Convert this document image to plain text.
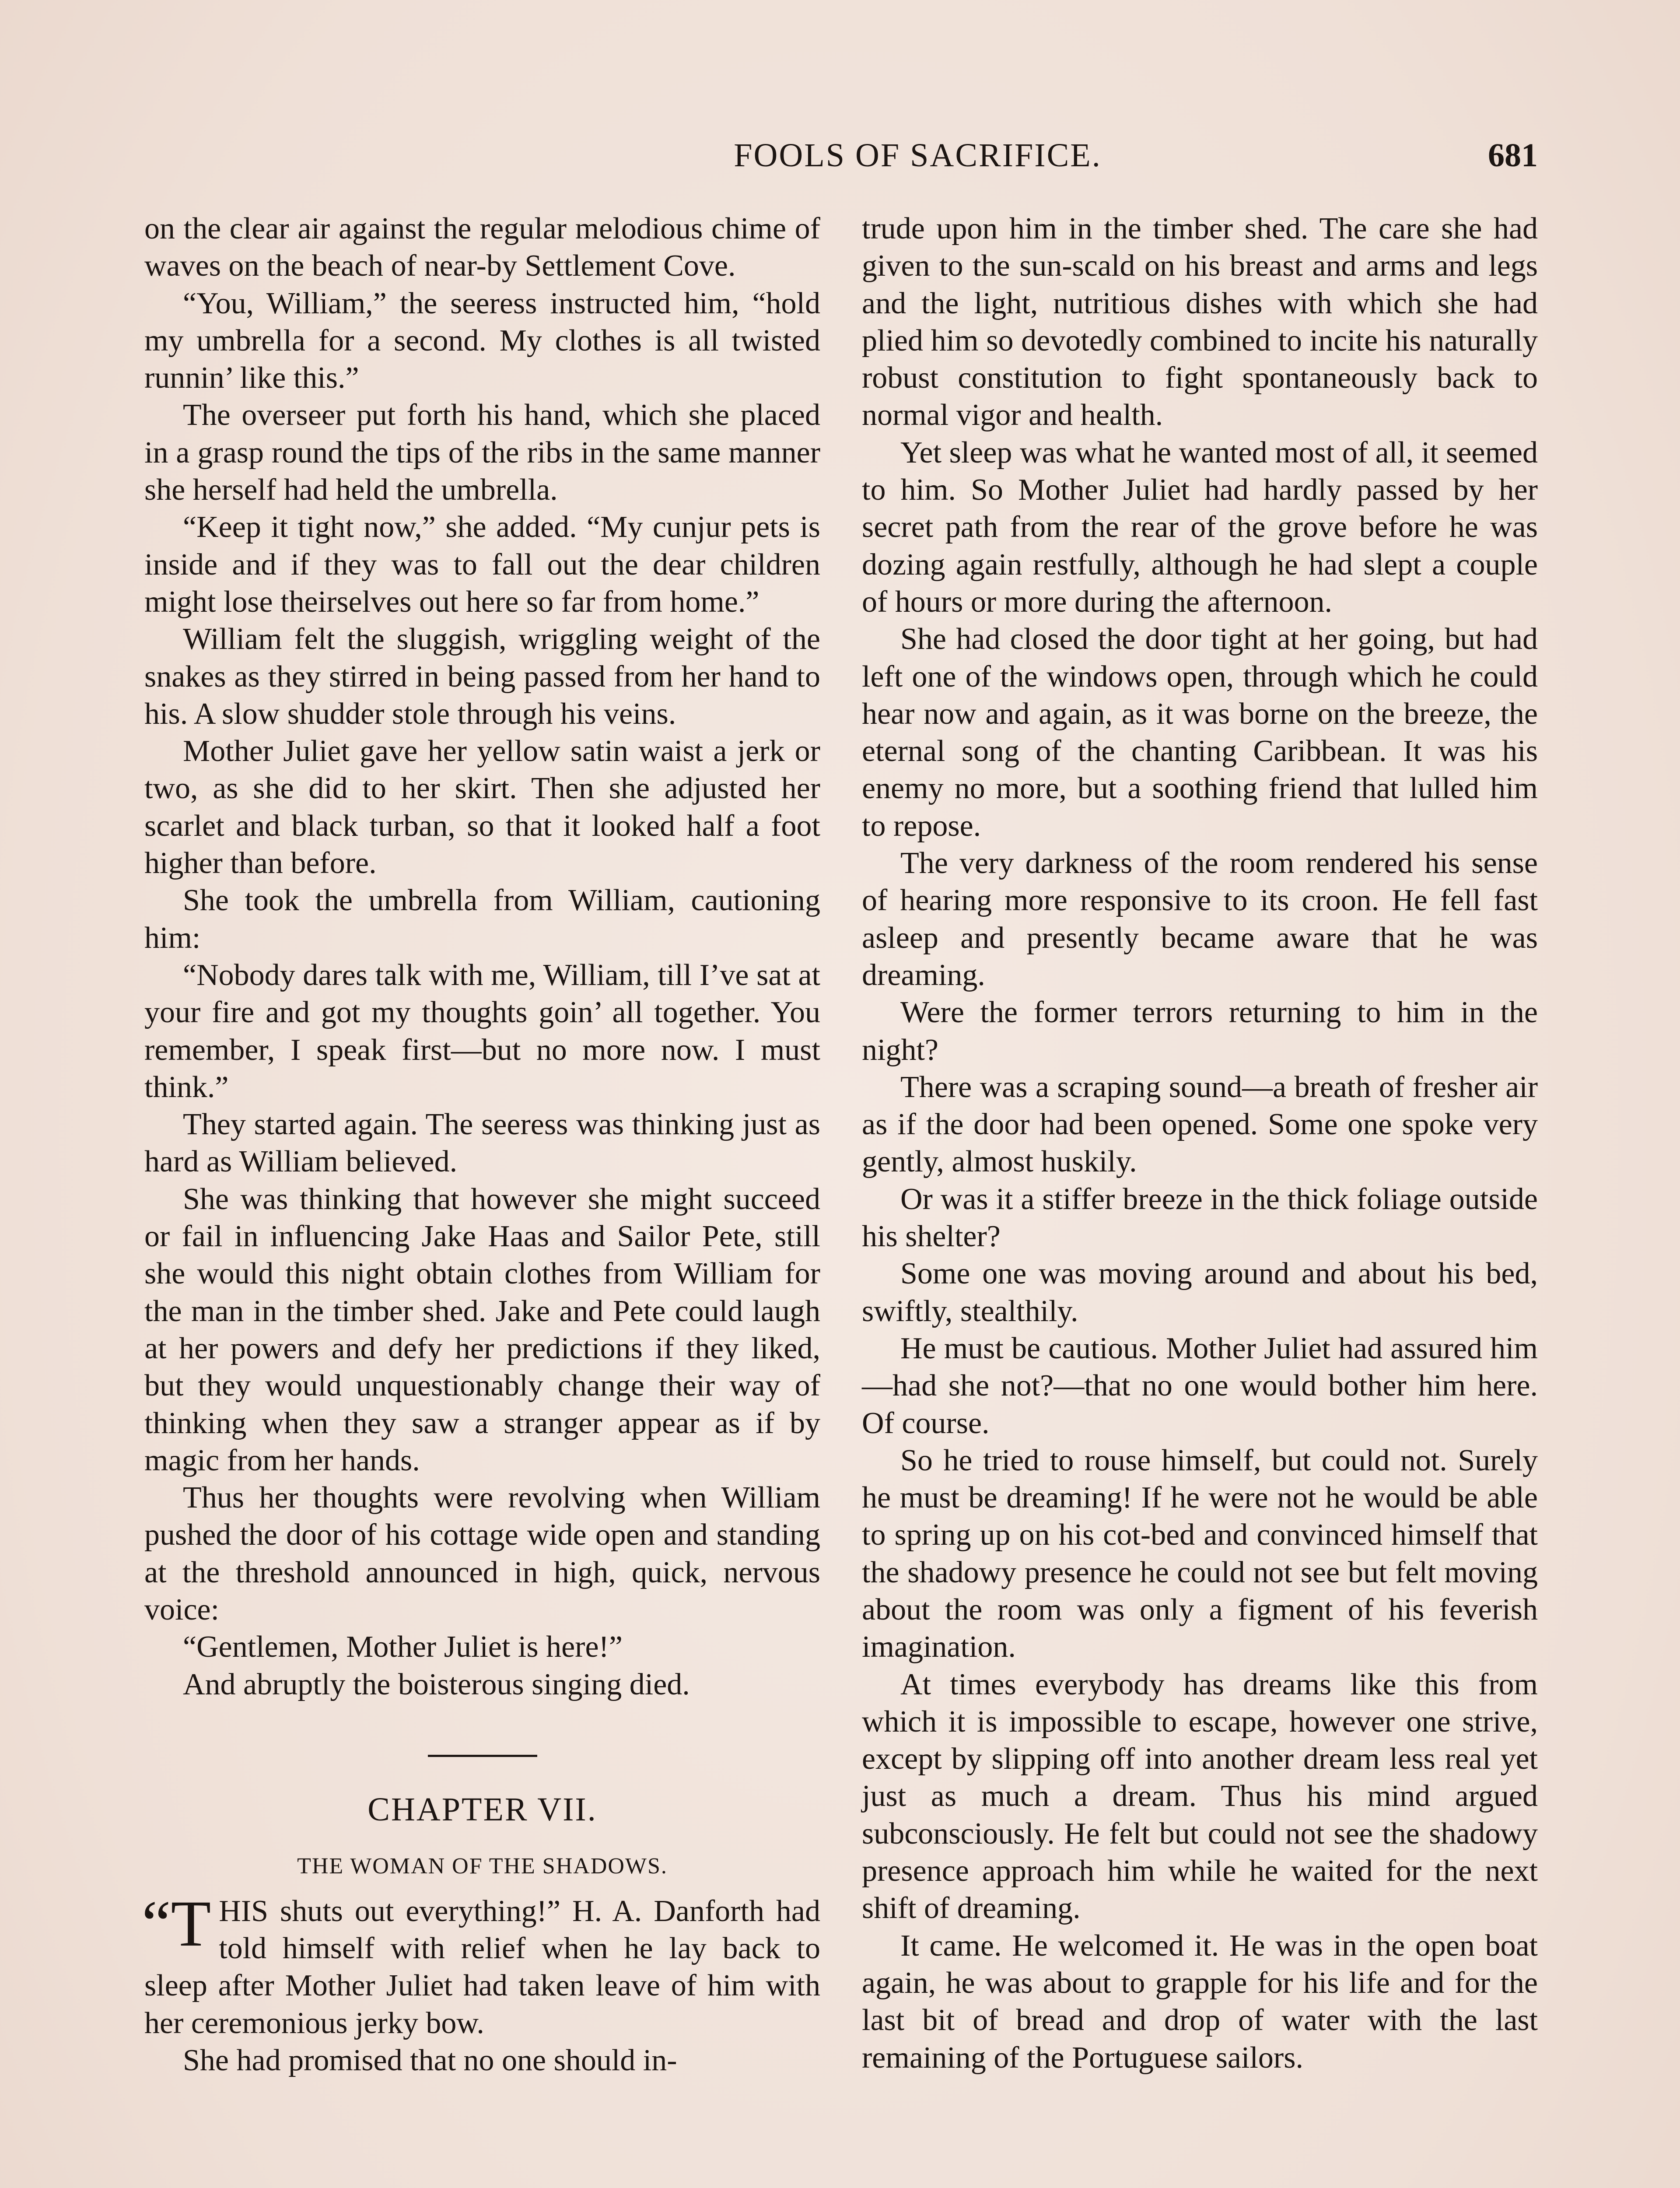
FOOLS OF SACRIFICE.	681

on the clear air against the regular melodious chime of waves on the beach of near-by Settlement Cove.

“You, William,” the seeress instructed him, “hold my umbrella for a second. My clothes is all twisted runnin’ like this.”

The overseer put forth his hand, which she placed in a grasp round the tips of the ribs in the same manner she herself had held the umbrella.

“Keep it tight now,” she added. “My cunjur pets is inside and if they was to fall out the dear children might lose theirselves out here so far from home.”

William felt the sluggish, wriggling weight of the snakes as they stirred in being passed from her hand to his. A slow shudder stole through his veins.

Mother Juliet gave her yellow satin waist a jerk or two, as she did to her skirt. Then she adjusted her scarlet and black turban, so that it looked half a foot higher than before.

She took the umbrella from William, cautioning him:

“Nobody dares talk with me, William, till I’ve sat at your fire and got my thoughts goin’ all together. You remember, I speak first—but no more now. I must think.”

They started again. The seeress was thinking just as hard as William believed.

She was thinking that however she might succeed or fail in influencing Jake Haas and Sailor Pete, still she would this night obtain clothes from William for the man in the timber shed. Jake and Pete could laugh at her powers and defy her predictions if they liked, but they would unquestionably change their way of thinking when they saw a stranger appear as if by magic from her hands.

Thus her thoughts were revolving when William pushed the door of his cottage wide open and standing at the threshold announced in high, quick, nervous voice:

“Gentlemen, Mother Juliet is here!”

And abruptly the boisterous singing died.

CHAPTER VII.
THE WOMAN OF THE SHADOWS.

“THIS shuts out everything!” H. A. Danforth had told himself with relief when he lay back to sleep after Mother Juliet had taken leave of him with her ceremonious jerky bow.

She had promised that no one should in-

trude upon him in the timber shed. The care she had given to the sun-scald on his breast and arms and legs and the light, nutritious dishes with which she had plied him so devotedly combined to incite his naturally robust constitution to fight spontaneously back to normal vigor and health.

Yet sleep was what he wanted most of all, it seemed to him. So Mother Juliet had hardly passed by her secret path from the rear of the grove before he was dozing again restfully, although he had slept a couple of hours or more during the afternoon.

She had closed the door tight at her going, but had left one of the windows open, through which he could hear now and again, as it was borne on the breeze, the eternal song of the chanting Caribbean. It was his enemy no more, but a soothing friend that lulled him to repose.

The very darkness of the room rendered his sense of hearing more responsive to its croon. He fell fast asleep and presently became aware that he was dreaming.

Were the former terrors returning to him in the night?

There was a scraping sound—a breath of fresher air as if the door had been opened. Some one spoke very gently, almost huskily.

Or was it a stiffer breeze in the thick foliage outside his shelter?

Some one was moving around and about his bed, swiftly, stealthily.

He must be cautious. Mother Juliet had assured him—had she not?—that no one would bother him here. Of course.

So he tried to rouse himself, but could not. Surely he must be dreaming! If he were not he would be able to spring up on his cot-bed and convinced himself that the shadowy presence he could not see but felt moving about the room was only a figment of his feverish imagination.

At times everybody has dreams like this from which it is impossible to escape, however one strive, except by slipping off into another dream less real yet just as much a dream. Thus his mind argued subconsciously. He felt but could not see the shadowy presence approach him while he waited for the next shift of dreaming.

It came. He welcomed it. He was in the open boat again, he was about to grapple for his life and for the last bit of bread and drop of water with the last remaining of the Portuguese sailors.
